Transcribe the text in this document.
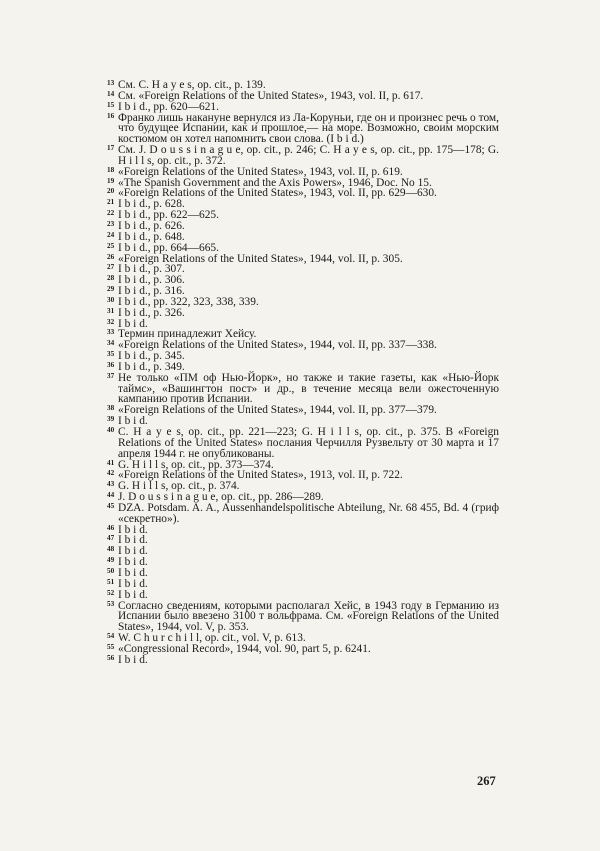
13 См. C. H a y e s, op. cit., p. 139.
14 См. «Foreign Relations of the United States», 1943, vol. II, p. 617.
15 I b i d., pp. 620—621.
16 Франко лишь накануне вернулся из Ла-Коруньи, где он и произнес речь о том, что будущее Испании, как и прошлое,— на море. Возможно, своим морским костюмом он хотел напомнить свои слова. (I b i d.)
17 См. J. D o u s s i n a g u e, op. cit., p. 246; C. H a y e s, op. cit., pp. 175—178; G. H i l l s, op. cit., p. 372.
18 «Foreign Relations of the United States», 1943, vol. II, p. 619.
19 «The Spanish Government and the Axis Powers», 1946, Doc. No 15.
20 «Foreign Relations of the United States», 1943, vol. II, pp. 629—630.
21 I b i d., p. 628.
22 I b i d., pp. 622—625.
23 I b i d., p. 626.
24 I b i d., p. 648.
25 I b i d., pp. 664—665.
26 «Foreign Relations of the United States», 1944, vol. II, p. 305.
27 I b i d., p. 307.
28 I b i d., p. 306.
29 I b i d., p. 316.
30 I b i d., pp. 322, 323, 338, 339.
31 I b i d., p. 326.
32 I b i d.
33 Термин принадлежит Хейсу.
34 «Foreign Relations of the United States», 1944, vol. II, pp. 337—338.
35 I b i d., p. 345.
36 I b i d., p. 349.
37 Не только «ПМ оф Нью-Йорк», но также и такие газеты, как «Нью-Йорк таймс», «Вашингтон пост» и др., в течение месяца вели ожесточенную кампанию против Испании.
38 «Foreign Relations of the United States», 1944, vol. II, pp. 377—379.
39 I b i d.
40 C. H a y e s, op. cit., pp. 221—223; G. H i l l s, op. cit., p. 375. В «Foreign Relations of the United States» послания Черчилля Рузвельту от 30 марта и 17 апреля 1944 г. не опубликованы.
41 G. H i l l s, op. cit., pp. 373—374.
42 «Foreign Relations of the United States», 1913, vol. II, p. 722.
43 G. H i l l s, op. cit., p. 374.
44 J. D o u s s i n a g u e, op. cit., pp. 286—289.
45 DZA. Potsdam. A. A., Aussenhandelspolitische Abteilung, Nr. 68 455, Bd. 4 (гриф «секретно»).
46 I b i d.
47 I b i d.
48 I b i d.
49 I b i d.
50 I b i d.
51 I b i d.
52 I b i d.
53 Согласно сведениям, которыми располагал Хейс, в 1943 году в Германию из Испании было ввезено 3100 т вольфрама. См. «Foreign Relations of the United States», 1944, vol. V, p. 353.
54 W. C h u r c h i l l, op. cit., vol. V, p. 613.
55 «Congressional Record», 1944, vol. 90, part 5, p. 6241.
56 I b i d.
267
